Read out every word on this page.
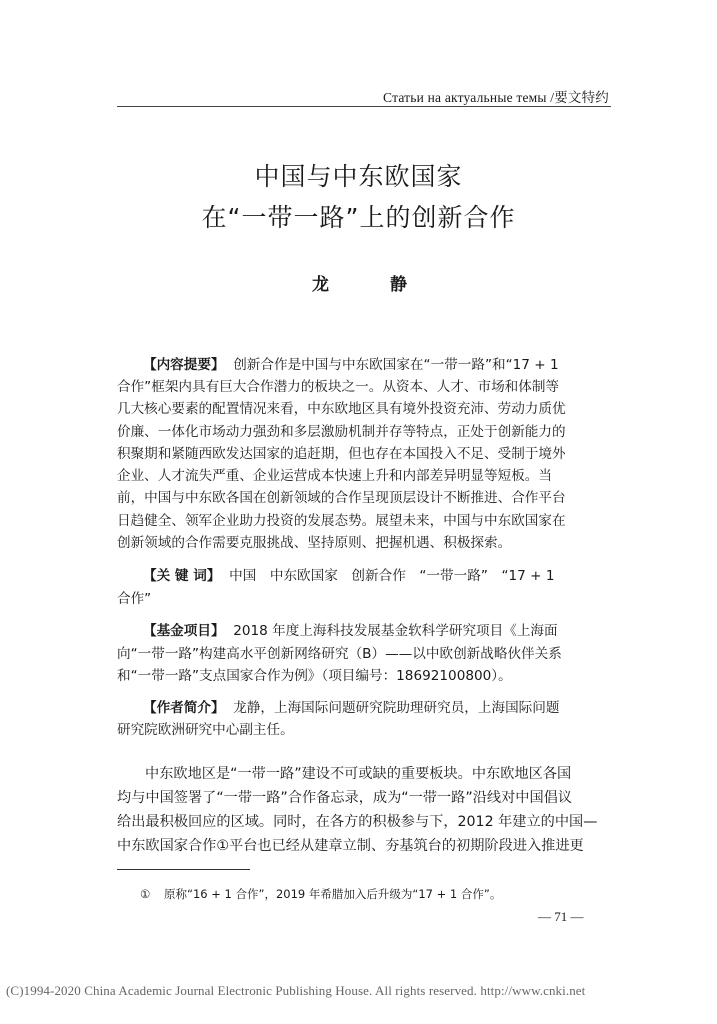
Статьи на актуальные темы /要文特约
中国与中东欧国家
在“一带一路”上的创新合作
龙　静
【内容提要】 创新合作是中国与中东欧国家在“一带一路”和“17 + 1
合作”框架内具有巨大合作潜力的板块之一。从资本、人才、市场和体制等
几大核心要素的配置情况来看，中东欧地区具有境外投资充沛、劳动力质优
价廉、一体化市场动力强劲和多层激励机制并存等特点，正处于创新能力的
积聚期和紧随西欧发达国家的追赶期，但也存在本国投入不足、受制于境外
企业、人才流失严重、企业运营成本快速上升和内部差异明显等短板。当
前，中国与中东欧各国在创新领域的合作呈现顶层设计不断推进、合作平台
日趋健全、领军企业助力投资的发展态势。展望未来，中国与中东欧国家在
创新领域的合作需要克服挑战、坚持原则、把握机遇、积极探索。
【关 键 词】 中国　中东欧国家　创新合作　“一带一路”　“17 + 1
合作”
【基金项目】 2018 年度上海科技发展基金软科学研究项目《上海面
向“一带一路”构建高水平创新网络研究（B）——以中欧创新战略伙伴关系
和“一带一路”支点国家合作为例》（项目编号：18692100800）。
【作者简介】 龙静，上海国际问题研究院助理研究员，上海国际问题
研究院欧洲研究中心副主任。
中东欧地区是“一带一路”建设不可或缺的重要板块。中东欧地区各国
均与中国签署了“一带一路”合作备忘录，成为“一带一路”沿线对中国倡议
给出最积极回应的区域。同时，在各方的积极参与下，2012 年建立的中国—
中东欧国家合作①平台也已经从建章立制、夯基筑台的初期阶段进入推进更
① 原称“16 + 1 合作”，2019 年希腊加入后升级为“17 + 1 合作”。
— 71 —
(C)1994-2020 China Academic Journal Electronic Publishing House. All rights reserved. http://www.cnki.net
